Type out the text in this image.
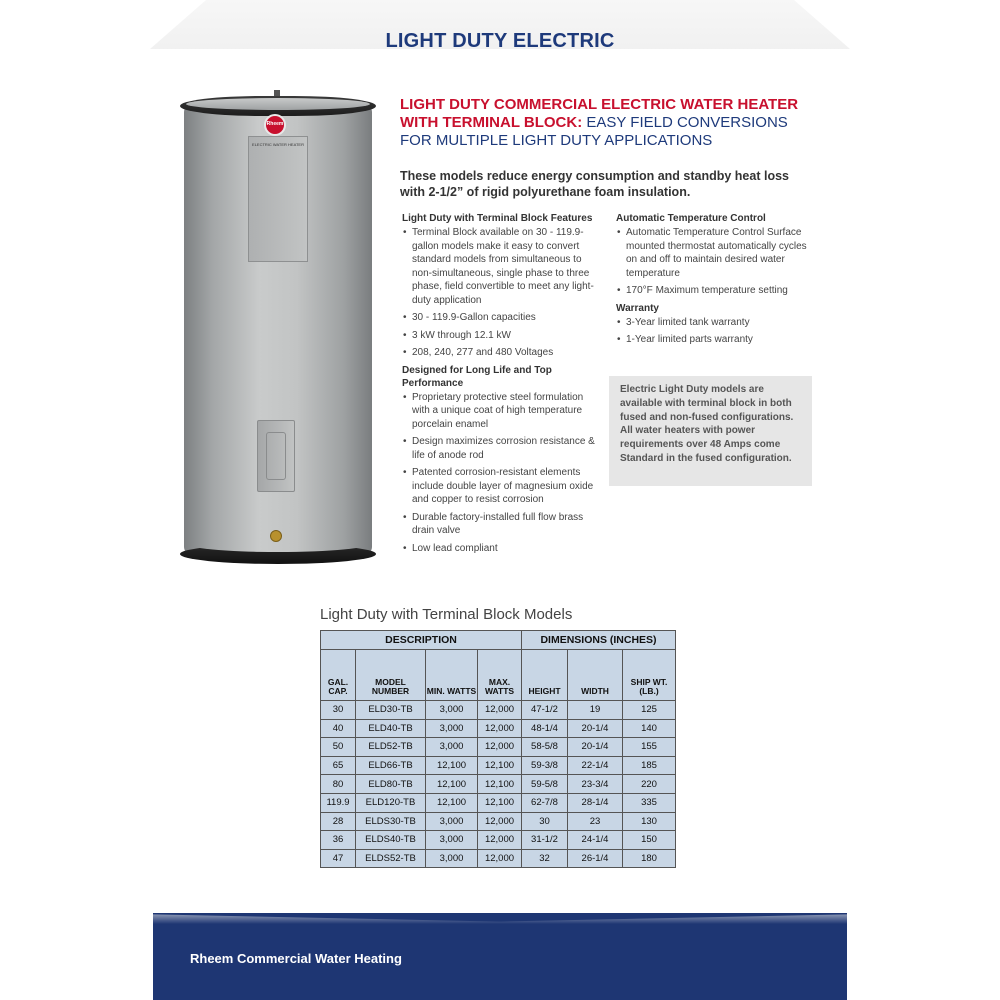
LIGHT DUTY ELECTRIC
Rheem
ELECTRIC WATER HEATER
LIGHT DUTY COMMERCIAL ELECTRIC WATER HEATER WITH TERMINAL BLOCK: EASY FIELD CONVERSIONS FOR MULTIPLE LIGHT DUTY APPLICATIONS
These models reduce energy consumption and standby heat loss with 2-1/2” of rigid polyurethane foam insulation.
Light Duty with Terminal Block Features
• Terminal Block available on 30 - 119.9-gallon models make it easy to convert standard models from simultaneous to non-simultaneous, single phase to three phase, field convertible to meet any light-duty application
• 30 - 119.9-Gallon capacities
• 3 kW through 12.1 kW
• 208, 240, 277 and 480 Voltages
Designed for Long Life and Top Performance
• Proprietary protective steel formulation with a unique coat of high temperature porcelain enamel
• Design maximizes corrosion resistance & life of anode rod
• Patented corrosion-resistant elements include double layer of magnesium oxide and copper to resist corrosion
• Durable factory-installed full flow brass drain valve
• Low lead compliant
Automatic Temperature Control
• Automatic Temperature Control Surface mounted thermostat automatically cycles on and off to maintain desired water temperature
• 170°F Maximum temperature setting
Warranty
• 3-Year limited tank warranty
• 1-Year limited parts warranty
Electric Light Duty models are available with terminal block in both fused and non-fused configurations. All water heaters with power requirements over 48 Amps come Standard in the fused configuration.
Light Duty with Terminal Block Models
DESCRIPTION				DIMENSIONS (INCHES)		
GAL. CAP.	MODEL NUMBER	MIN. WATTS	MAX. WATTS	HEIGHT	WIDTH	SHIP WT. (LB.)
30	ELD30-TB	3,000	12,000	47-1/2	19	125
40	ELD40-TB	3,000	12,000	48-1/4	20-1/4	140
50	ELD52-TB	3,000	12,000	58-5/8	20-1/4	155
65	ELD66-TB	12,100	12,100	59-3/8	22-1/4	185
80	ELD80-TB	12,100	12,100	59-5/8	23-3/4	220
119.9	ELD120-TB	12,100	12,100	62-7/8	28-1/4	335
28	ELDS30-TB	3,000	12,000	30	23	130
36	ELDS40-TB	3,000	12,000	31-1/2	24-1/4	150
47	ELDS52-TB	3,000	12,000	32	26-1/4	180
Rheem Commercial Water Heating
